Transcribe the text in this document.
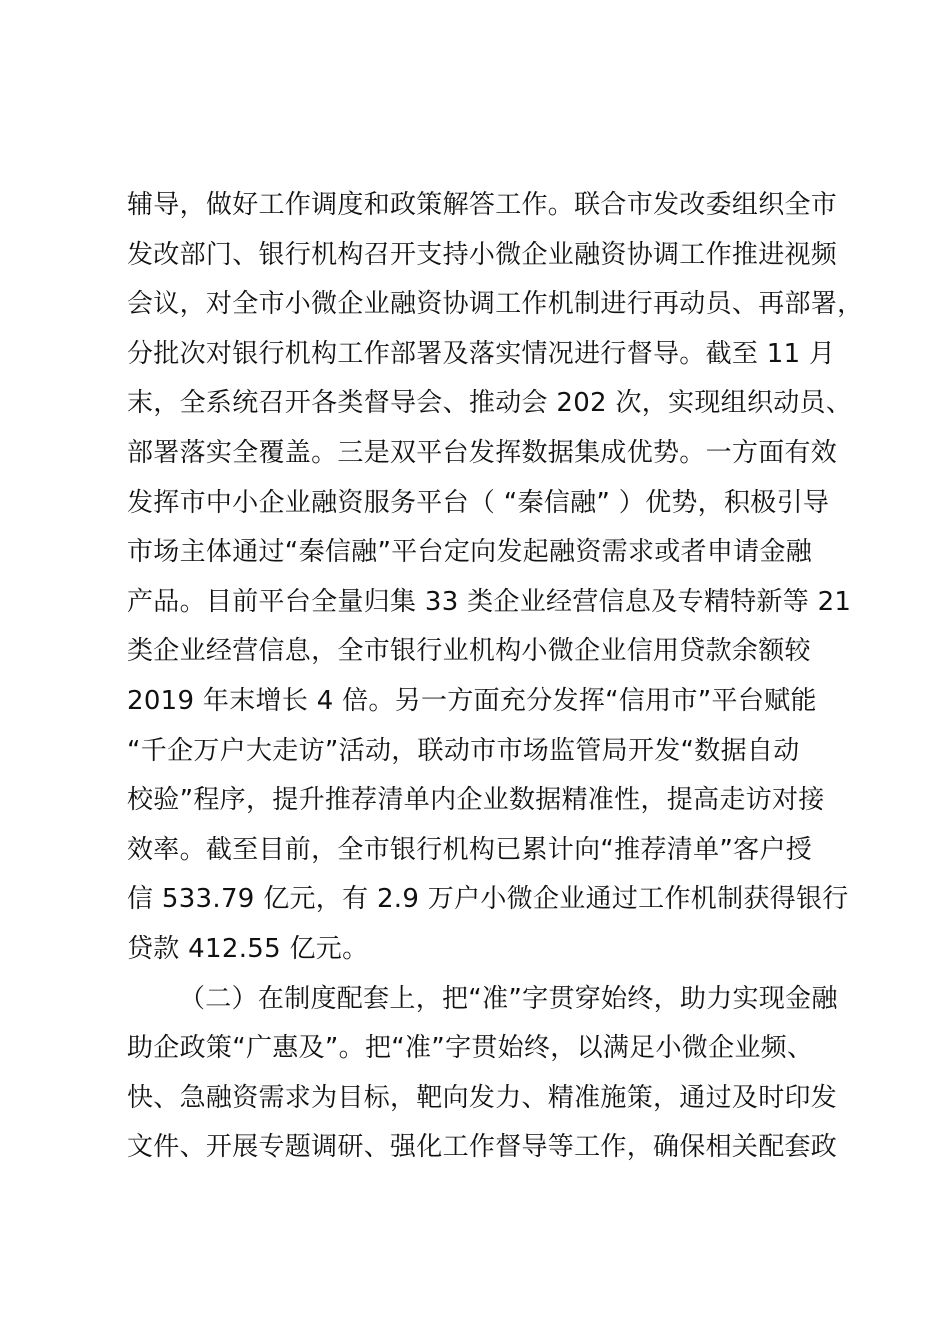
辅导，做好工作调度和政策解答工作。联合市发改委组织全市
发改部门、银行机构召开支持小微企业融资协调工作推进视频
会议，对全市小微企业融资协调工作机制进行再动员、再部署，
分批次对银行机构工作部署及落实情况进行督导。截至 11 月
末，全系统召开各类督导会、推动会 202 次，实现组织动员、
部署落实全覆盖。三是双平台发挥数据集成优势。一方面有效
发挥市中小企业融资服务平台（ “秦信融” ）优势，积极引导
市场主体通过“秦信融”平台定向发起融资需求或者申请金融
产品。目前平台全量归集 33 类企业经营信息及专精特新等 21
类企业经营信息，全市银行业机构小微企业信用贷款余额较
2019 年末增长 4 倍。另一方面充分发挥“信用市”平台赋能
“千企万户大走访”活动，联动市市场监管局开发“数据自动
校验”程序，提升推荐清单内企业数据精准性，提高走访对接
效率。截至目前，全市银行机构已累计向“推荐清单”客户授
信 533.79 亿元，有 2.9 万户小微企业通过工作机制获得银行
贷款 412.55 亿元。
（二）在制度配套上，把“准”字贯穿始终，助力实现金融
助企政策“广惠及”。把“准”字贯始终，以满足小微企业频、
快、急融资需求为目标，靶向发力、精准施策，通过及时印发
文件、开展专题调研、强化工作督导等工作，确保相关配套政
